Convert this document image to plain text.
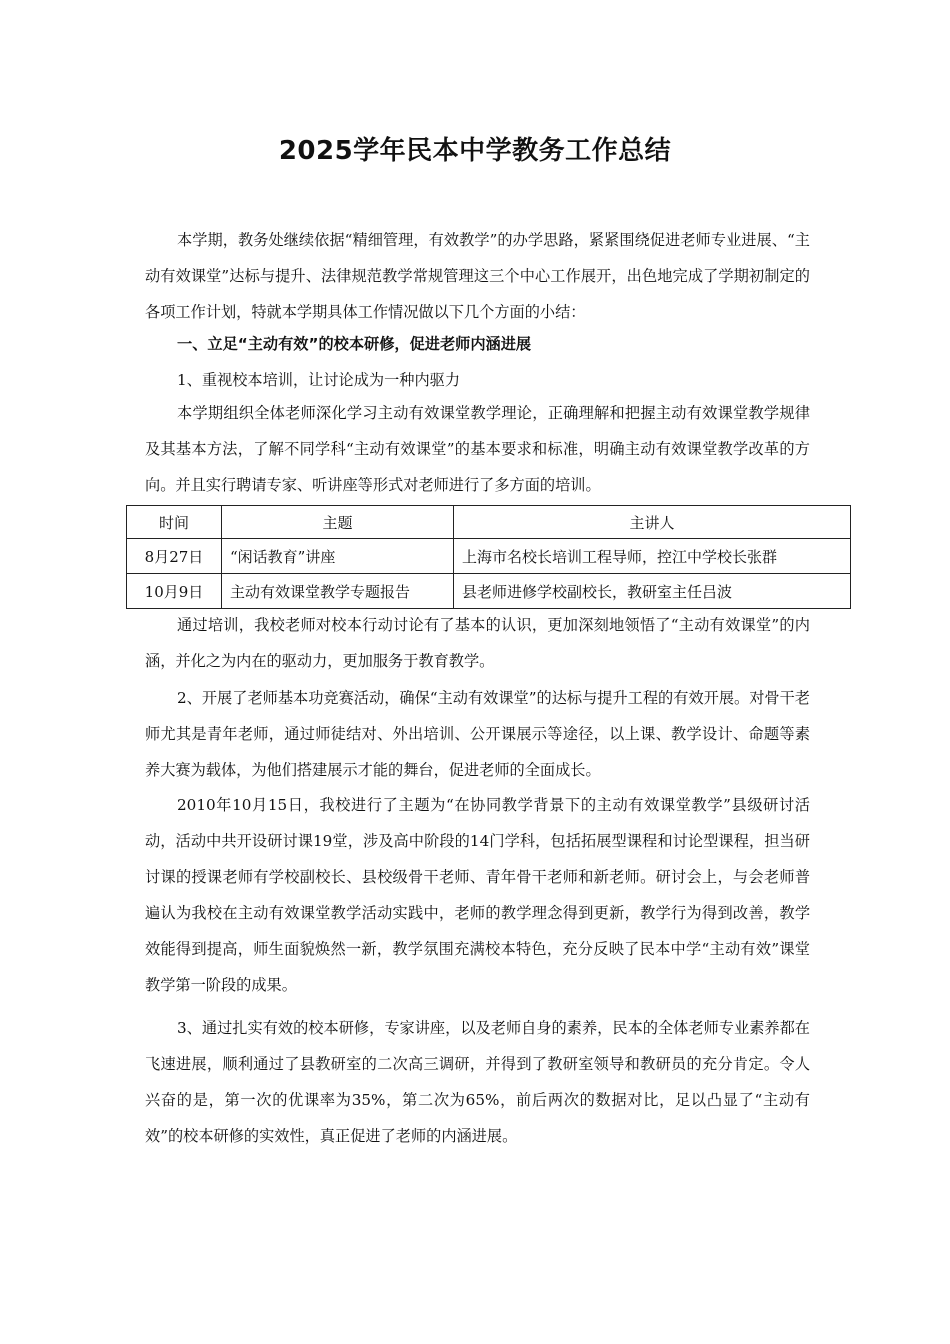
2025学年民本中学教务工作总结

本学期，教务处继续依据“精细管理，有效教学”的办学思路，紧紧围绕促进老师专业进展、“主动有效课堂”达标与提升、法律规范教学常规管理这三个中心工作展开，出色地完成了学期初制定的各项工作计划，特就本学期具体工作情况做以下几个方面的小结：

一、立足“主动有效”的校本研修，促进老师内涵进展

1、重视校本培训，让讨论成为一种内驱力

本学期组织全体老师深化学习主动有效课堂教学理论，正确理解和把握主动有效课堂教学规律及其基本方法，了解不同学科“主动有效课堂”的基本要求和标准，明确主动有效课堂教学改革的方向。并且实行聘请专家、听讲座等形式对老师进行了多方面的培训。

时间	主题	主讲人
8月27日	“闲话教育”讲座	上海市名校长培训工程导师，控江中学校长张群
10月9日	主动有效课堂教学专题报告	县老师进修学校副校长，教研室主任吕波

通过培训，我校老师对校本行动讨论有了基本的认识，更加深刻地领悟了“主动有效课堂”的内涵，并化之为内在的驱动力，更加服务于教育教学。

2、开展了老师基本功竞赛活动，确保“主动有效课堂”的达标与提升工程的有效开展。对骨干老师尤其是青年老师，通过师徒结对、外出培训、公开课展示等途径，以上课、教学设计、命题等素养大赛为载体，为他们搭建展示才能的舞台，促进老师的全面成长。

2010年10月15日，我校进行了主题为“在协同教学背景下的主动有效课堂教学”县级研讨活动，活动中共开设研讨课19堂，涉及高中阶段的14门学科，包括拓展型课程和讨论型课程，担当研讨课的授课老师有学校副校长、县校级骨干老师、青年骨干老师和新老师。研讨会上，与会老师普遍认为我校在主动有效课堂教学活动实践中，老师的教学理念得到更新，教学行为得到改善，教学效能得到提高，师生面貌焕然一新，教学氛围充满校本特色，充分反映了民本中学“主动有效”课堂教学第一阶段的成果。

3、通过扎实有效的校本研修，专家讲座，以及老师自身的素养，民本的全体老师专业素养都在飞速进展，顺利通过了县教研室的二次高三调研，并得到了教研室领导和教研员的充分肯定。令人兴奋的是，第一次的优课率为35%，第二次为65%，前后两次的数据对比，足以凸显了“主动有效”的校本研修的实效性，真正促进了老师的内涵进展。
